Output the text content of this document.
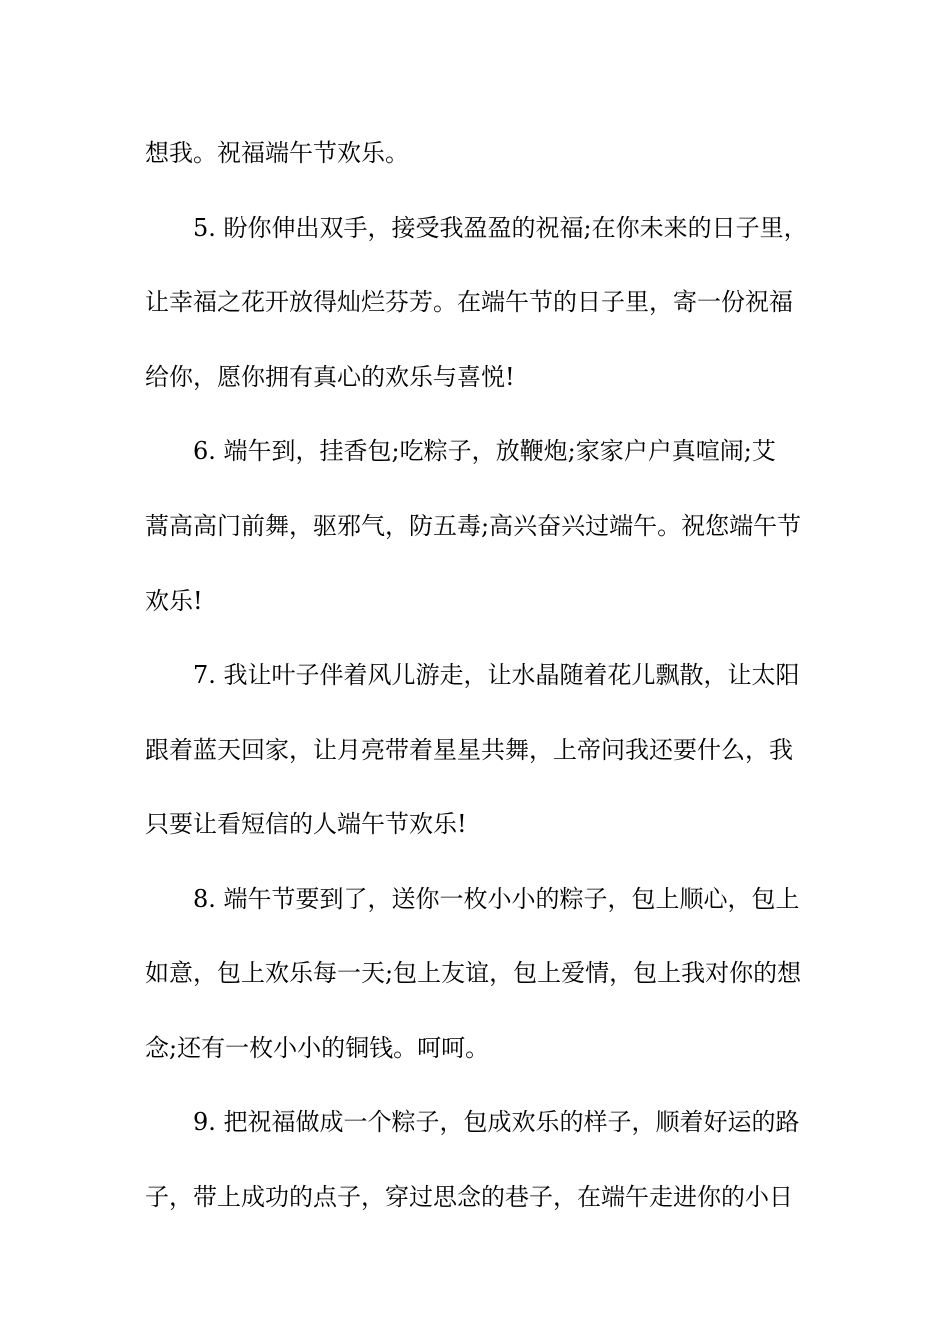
想我。祝福端午节欢乐。
5. 盼你伸出双手，接受我盈盈的祝福;在你未来的日子里，
让幸福之花开放得灿烂芬芳。在端午节的日子里，寄一份祝福
给你，愿你拥有真心的欢乐与喜悦!
6. 端午到，挂香包;吃粽子，放鞭炮;家家户户真喧闹;艾
蒿高高门前舞，驱邪气，防五毒;高兴奋兴过端午。祝您端午节
欢乐!
7. 我让叶子伴着风儿游走，让水晶随着花儿飘散，让太阳
跟着蓝天回家，让月亮带着星星共舞，上帝问我还要什么，我
只要让看短信的人端午节欢乐!
8. 端午节要到了，送你一枚小小的粽子，包上顺心，包上
如意，包上欢乐每一天;包上友谊，包上爱情，包上我对你的想
念;还有一枚小小的铜钱。呵呵。
9. 把祝福做成一个粽子，包成欢乐的样子，顺着好运的路
子，带上成功的点子，穿过思念的巷子，在端午走进你的小日
